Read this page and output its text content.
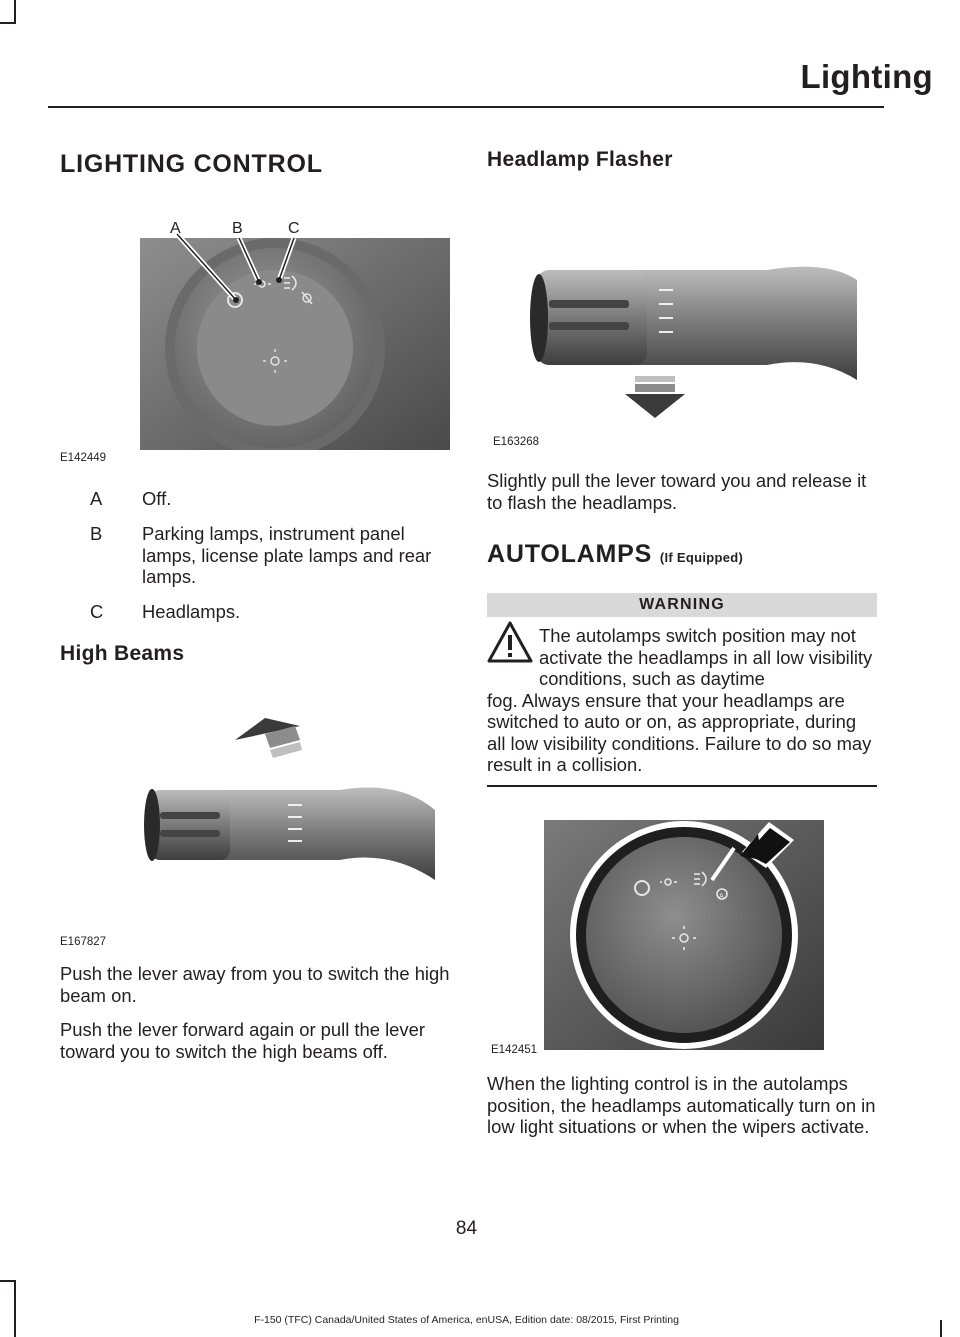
Lighting
LIGHTING CONTROL
A	B	C
E142449
A Off.
B Parking lamps, instrument panel lamps, license plate lamps and rear lamps.
C Headlamps.
High Beams
E167827
Push the lever away from you to switch the high beam on.
Push the lever forward again or pull the lever toward you to switch the high beams off.
Headlamp Flasher
E163268
Slightly pull the lever toward you and release it to flash the headlamps.
AUTOLAMPS (If Equipped)
WARNING
The autolamps switch position may not activate the headlamps in all low visibility conditions, such as daytime
fog. Always ensure that your headlamps are switched to auto or on, as appropriate, during all low visibility conditions. Failure to do so may result in a collision.
A
E142451
When the lighting control is in the autolamps position, the headlamps automatically turn on in low light situations or when the wipers activate.
84
F-150 (TFC) Canada/United States of America, enUSA, Edition date: 08/2015, First Printing
